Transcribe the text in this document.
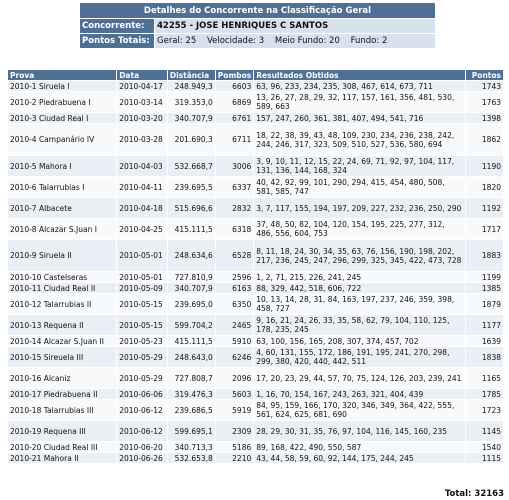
Detalhes do Concorrente na Classificação Geral	
Concorrente:	42255 - JOSE HENRIQUES C SANTOS
Pontos Totais:	Geral: 25 Velocidade: 3 Meio Fundo: 20 Fundo: 2
Prova	Data	Distância	Pombos	Resultados Obtidos	Pontos
2010-1 Siruela I	2010-04-17	248.949,3	6603	63, 96, 233, 234, 235, 308, 467, 614, 673, 711	1743
2010-2 Piedrabuena I	2010-03-14	319.353,0	6869	13, 26, 27, 28, 29, 32, 117, 157, 161, 356, 481, 530, 589, 663	1763
2010-3 Ciudad Real I	2010-03-20	340.707,9	6761	157, 247, 260, 361, 381, 407, 494, 541, 716	1398
2010-4 Campanário IV	2010-03-28	201.690,3	6711	18, 22, 38, 39, 43, 48, 109, 230, 234, 236, 238, 242, 244, 246, 317, 323, 509, 510, 527, 536, 580, 694	1862
2010-5 Mahora I	2010-04-03	532.668,7	3006	3, 9, 10, 11, 12, 15, 22, 24, 69, 71, 92, 97, 104, 117, 131, 136, 144, 168, 324	1190
2010-6 Talarrubias I	2010-04-11	239.695,5	6337	40, 42, 92, 99, 101, 290, 294, 415, 454, 480, 508, 581, 585, 747	1820
2010-7 Albacete	2010-04-18	515.696,6	2832	3, 7, 117, 155, 194, 197, 209, 227, 232, 236, 250, 290	1192
2010-8 Alcazar S.Juan I	2010-04-25	415.111,5	6318	37, 48, 50, 82, 104, 120, 154, 195, 225, 277, 312, 486, 556, 604, 753	1717
2010-9 Siruela II	2010-05-01	248.634,6	6528	8, 11, 18, 24, 30, 34, 35, 63, 76, 156, 190, 198, 202, 217, 236, 245, 247, 296, 299, 325, 345, 422, 473, 728	1883
2010-10 Castelseras	2010-05-01	727.810,9	2596	1, 2, 71, 215, 226, 241, 245	1199
2010-11 Ciudad Real II	2010-05-09	340.707,9	6163	88, 329, 442, 518, 606, 722	1385
2010-12 Talarrubias II	2010-05-15	239.695,0	6350	10, 13, 14, 28, 31, 84, 163, 197, 237, 246, 359, 398, 458, 727	1879
2010-13 Requena II	2010-05-15	599.704,2	2465	9, 16, 21, 24, 26, 33, 35, 58, 62, 79, 104, 110, 125, 178, 235, 245	1177
2010-14 Alcazar S.Juan II	2010-05-23	415.111,5	5910	63, 100, 156, 165, 208, 307, 374, 457, 702	1639
2010-15 Sireuela III	2010-05-29	248.643,0	6246	4, 60, 131, 155, 172, 186, 191, 195, 241, 270, 298, 299, 380, 420, 440, 442, 511	1838
2010-16 Alcaniz	2010-05-29	727.808,7	2096	17, 20, 23, 29, 44, 57, 70, 75, 124, 126, 203, 239, 241	1165
2010-17 Piedrabuena II	2010-06-06	319.476,3	5603	1, 16, 70, 154, 167, 243, 263, 321, 404, 439	1785
2010-18 Talarrubias III	2010-06-12	239.686,5	5919	84, 95, 159, 166, 170, 320, 346, 349, 364, 422, 555, 561, 624, 625, 681, 690	1723
2010-19 Requena III	2010-06-12	599.695,1	2309	28, 29, 30, 31, 35, 76, 97, 104, 116, 145, 160, 235	1145
2010-20 Ciudad Real III	2010-06-20	340.713,3	5186	89, 168, 422, 490, 550, 587	1540
2010-21 Mahora II	2010-06-26	532.653,8	2210	43, 44, 58, 59, 60, 92, 144, 175, 244, 245	1115
Total: 32163
